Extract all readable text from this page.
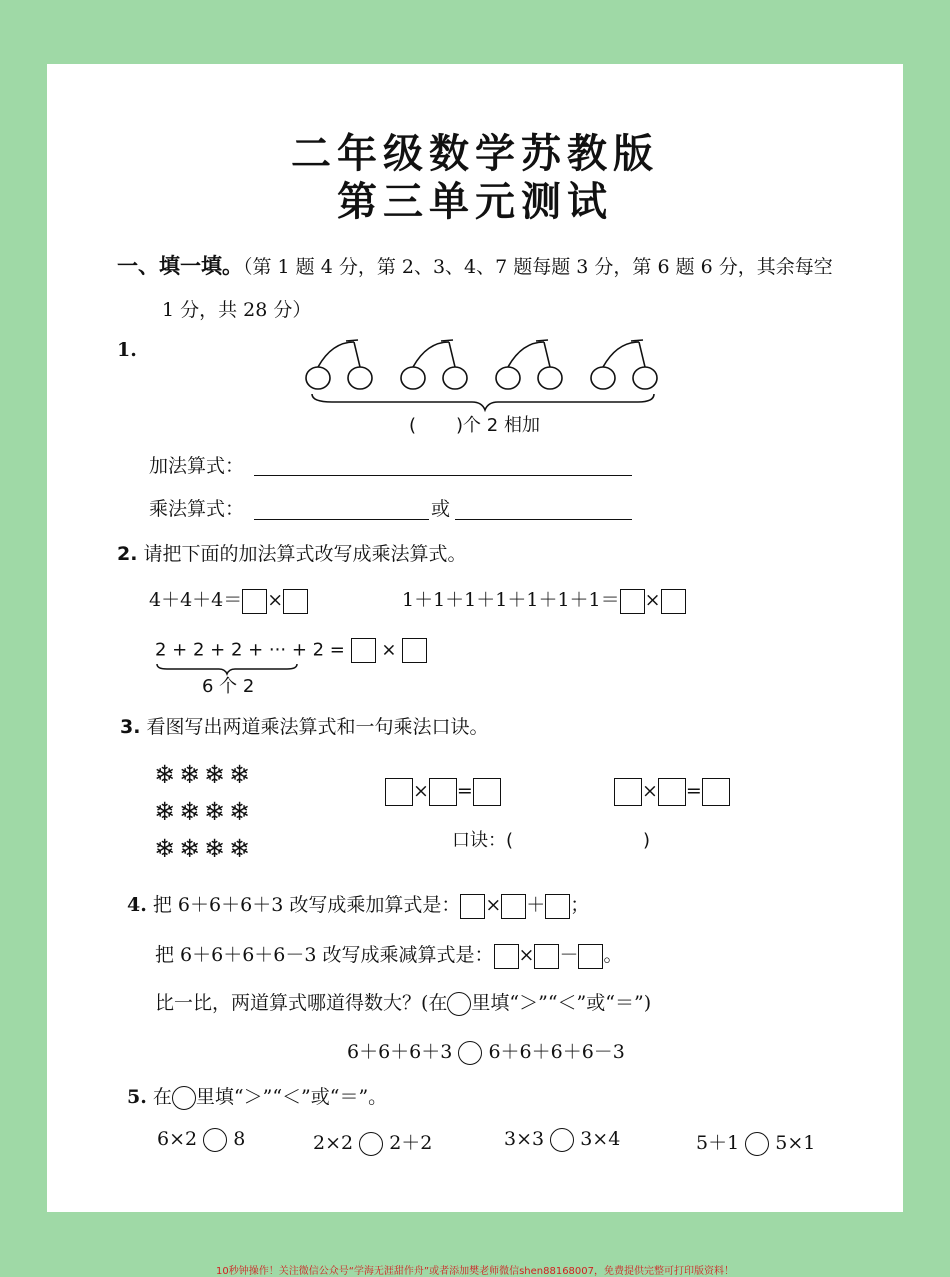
二年级数学苏教版
第三单元测试
一、填一填。（第 1 题 4 分，第 2、3、4、7 题每题 3 分，第 6 题 6 分，其余每空
1 分，共 28 分）
1.
( )个 2 相加
加法算式：
乘法算式：	或
2. 请把下面的加法算式改写成乘法算式。
4＋4＋4＝ ×	1＋1＋1＋1＋1＋1＋1＝ ×
2 + 2 + 2 + ··· + 2 = ×
6 个 2
3. 看图写出两道乘法算式和一句乘法口诀。
❄❄❄❄
❄❄❄❄
❄❄❄❄
× =	× =
口诀：(	)
4. 把 6＋6＋6＋3 改写成乘加算式是： × ＋ ；
把 6＋6＋6＋6－3 改写成乘减算式是： × － 。
比一比，两道算式哪道得数大？(在 里填“＞”“＜”或“＝”)
6＋6＋6＋3 6＋6＋6＋6－3
5. 在 里填“＞”“＜”或“＝”。
6×2 8	2×2 2＋2	3×3 3×4	5＋1 5×1
10秒钟操作！关注微信公众号“学海无涯甜作舟”或者添加樊老师微信shen88168007，免费提供完整可打印版资料！
